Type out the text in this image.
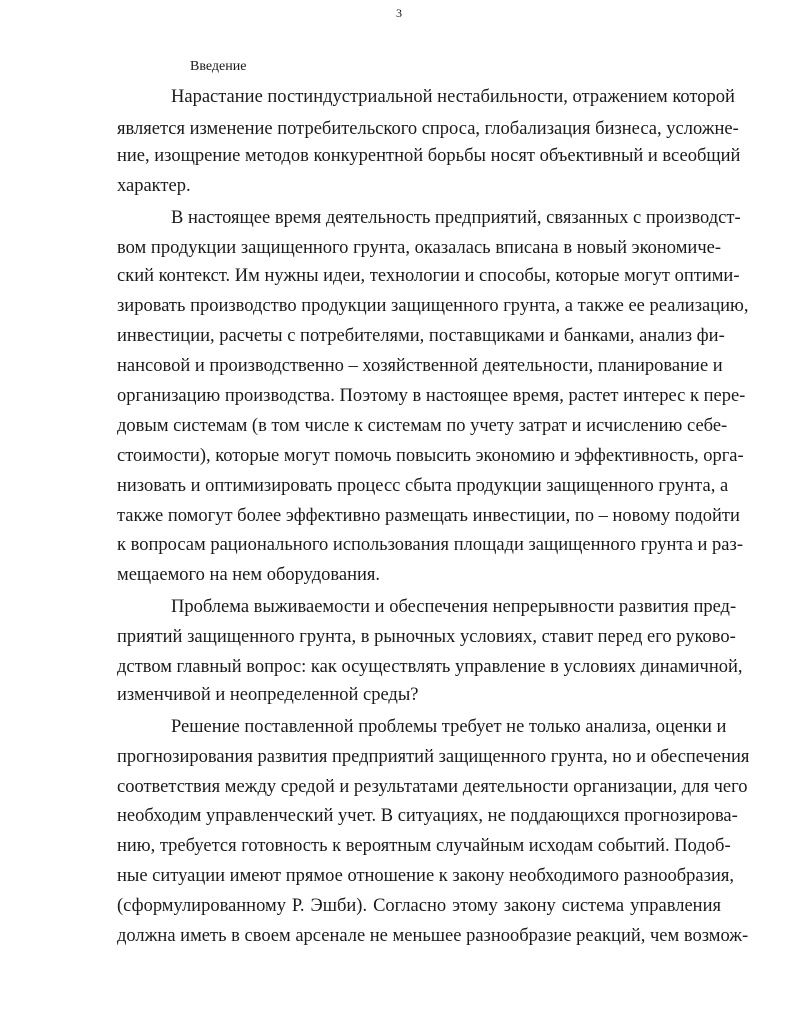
3
Введение
Нарастание постиндустриальной нестабильности, отражением которой
является изменение потребительского спроса, глобализация бизнеса, усложне-
ние, изощрение методов конкурентной борьбы носят объективный и всеобщий
характер.
В настоящее время деятельность предприятий, связанных с производст-
вом продукции защищенного грунта, оказалась вписана в новый экономиче-
ский контекст. Им нужны идеи, технологии и способы, которые могут оптими-
зировать производство продукции защищенного грунта, а также ее реализацию,
инвестиции, расчеты с потребителями, поставщиками и банками, анализ фи-
нансовой и производственно – хозяйственной деятельности, планирование и
организацию производства. Поэтому в настоящее время, растет интерес к пере-
довым системам (в том числе к системам по учету затрат и исчислению себе-
стоимости), которые могут помочь повысить экономию и эффективность, орга-
низовать и оптимизировать процесс сбыта продукции защищенного грунта, а
также помогут более эффективно размещать инвестиции, по – новому подойти
к вопросам рационального использования площади защищенного грунта и раз-
мещаемого на нем оборудования.
Проблема выживаемости и обеспечения непрерывности развития пред-
приятий защищенного грунта, в рыночных условиях, ставит перед его руково-
дством главный вопрос: как осуществлять управление в условиях динамичной,
изменчивой и неопределенной среды?
Решение поставленной проблемы требует не только анализа, оценки и
прогнозирования развития предприятий защищенного грунта, но и обеспечения
соответствия между средой и результатами деятельности организации, для чего
необходим управленческий учет. В ситуациях, не поддающихся прогнозирова-
нию, требуется готовность к вероятным случайным исходам событий. Подоб-
ные ситуации имеют прямое отношение к закону необходимого разнообразия,
(сформулированному Р. Эшби). Согласно этому закону система управления
должна иметь в своем арсенале не меньшее разнообразие реакций, чем возмож-
